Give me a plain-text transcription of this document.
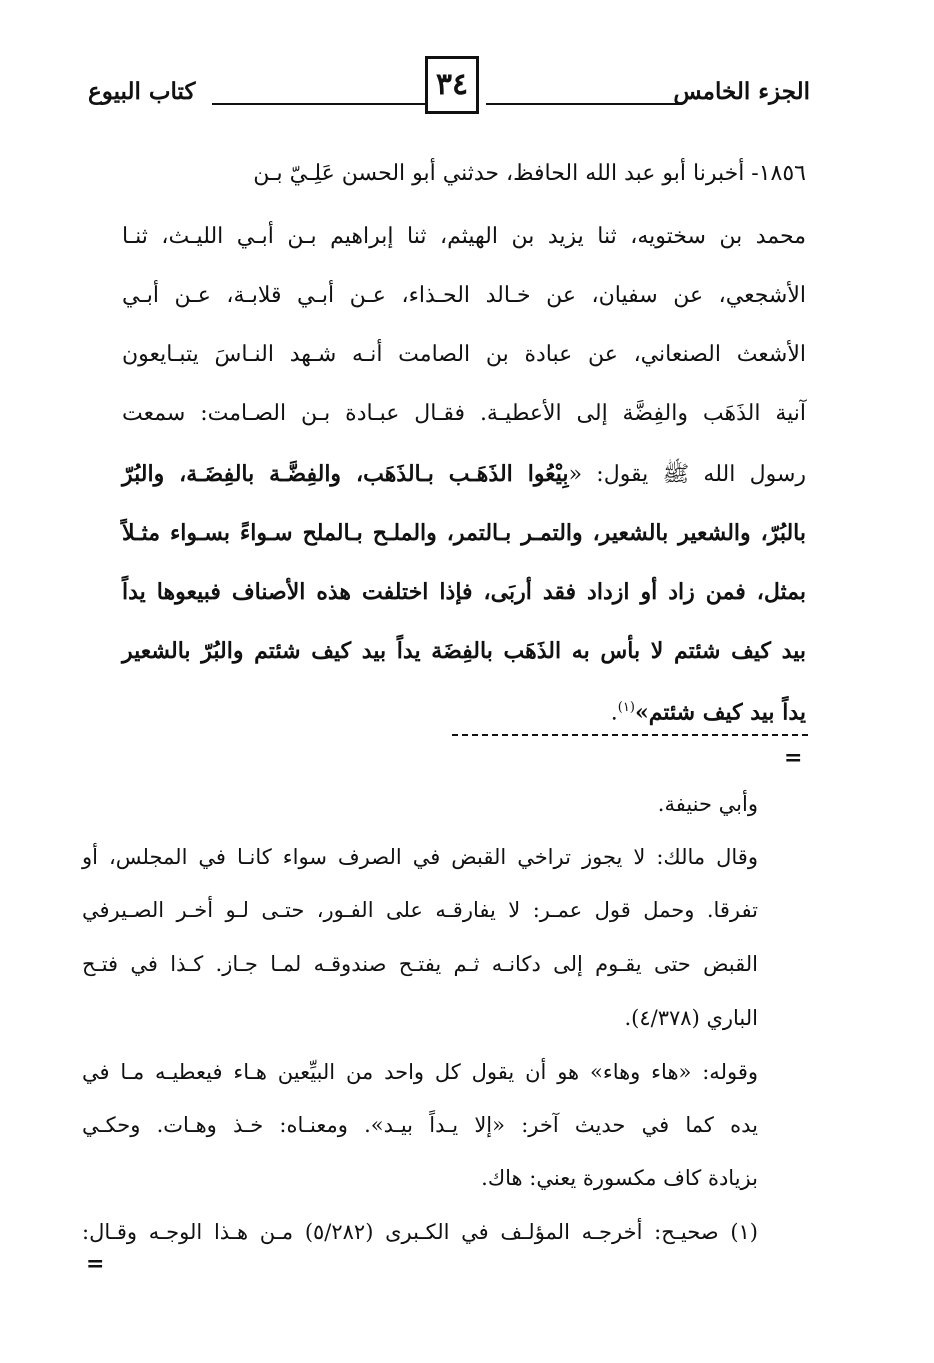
الجزء الخامس
٣٤
كتاب البيوع
١٨٥٦- أخبرنا أبو عبد الله الحافظ، حدثني أبو الحسن عَلِـيّ بـن
محمد بن سختويه، ثنا يزيد بن الهيثم، ثنا إبراهيم بـن أبـي الليـث، ثنـا
الأشجعي، عن سفيان، عن خـالد الحـذاء، عـن أبـي قلابـة، عـن أبـي
الأشعث الصنعاني، عن عبادة بن الصامت أنـه شـهد النـاسَ يتبـايعون
آنية الذَهَب والفِضَّة إلى الأعطيـة. فقـال عبـادة بـن الصـامت: سمعت
رسول الله ﷺ يقول: «بِيْعُوا الذَهَـب بـالذَهَب، والفِضَّـة بالفِضَـة، والبُرّ
بالبُرّ، والشعير بالشعير، والتمـر بـالتمر، والملـح بـالملح سـواءً بسـواء مثـلاً
بمثل، فمن زاد أو ازداد فقد أربَى، فإذا اختلفت هذه الأصناف فبيعوها يداً
بيد كيف شئتم لا بأس به الذَهَب بالفِضَة يداً بيد كيف شئتم والبُرّ بالشعير
يداً بيد كيف شئتم»$^{(١)}$.
=
وأبي حنيفة.
وقال مالك: لا يجوز تراخي القبض في الصرف سواء كانـا في المجلس، أو
تفرقا. وحمل قول عمـر: لا يفارقـه على الفـور، حتـى لـو أخـر الصـيرفي
القبض حتى يقـوم إلى دكانـه ثـم يفتـح صندوقـه لمـا جـاز. كـذا في فتـح
الباري (٤/٣٧٨).
وقوله: «هاء وهاء» هو أن يقول كل واحد من البيِّعين هـاء فيعطيـه مـا في
يده كما في حديث آخر: «إلا يـداً بيـد». ومعنـاه: خـذ وهـات. وحكـي
بزيادة كاف مكسورة يعني: هاك.
(١) صحيـح: أخرجـه المؤلـف في الكـبرى (٥/٢٨٢) مـن هـذا الوجـه وقـال:
=
